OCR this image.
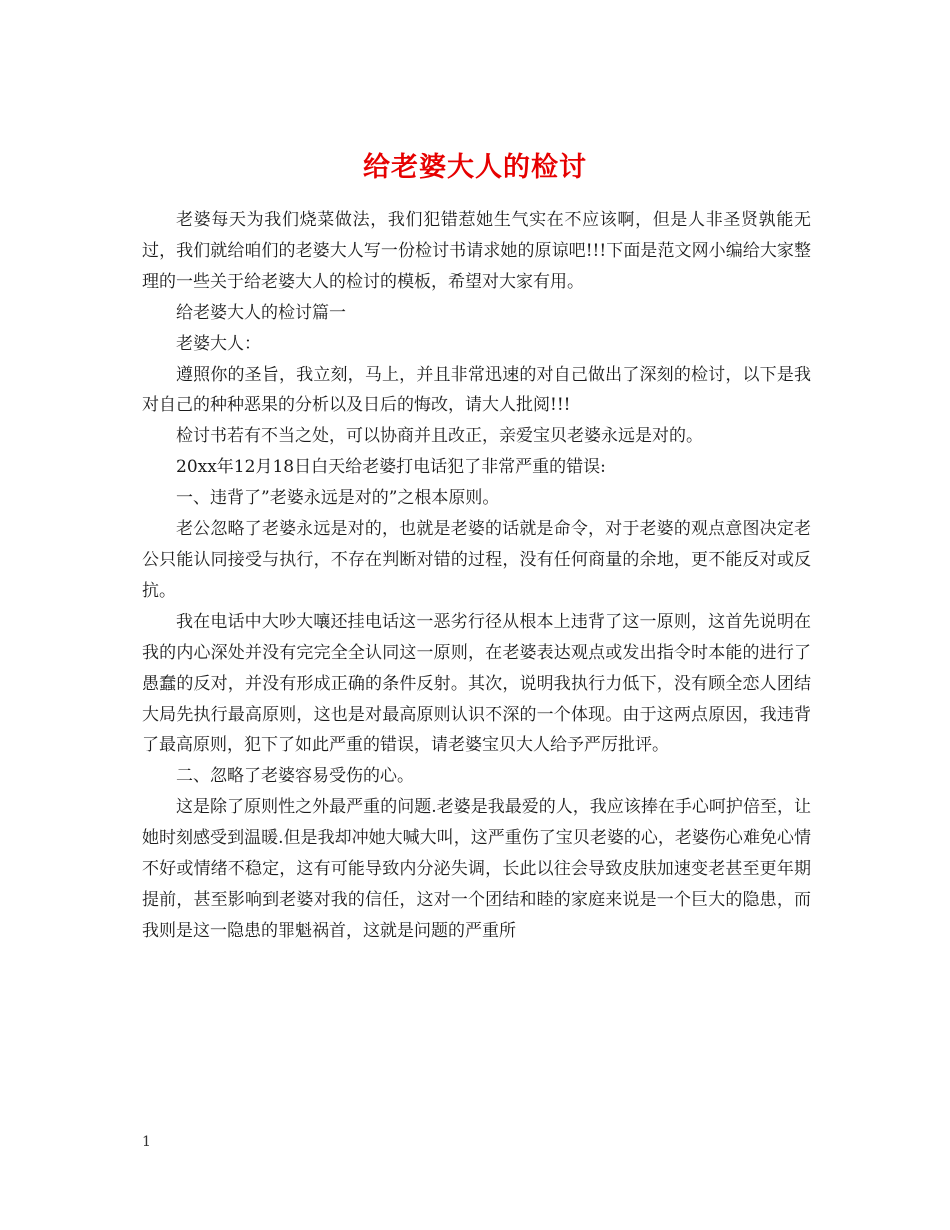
给老婆大人的检讨

老婆每天为我们烧菜做法，我们犯错惹她生气实在不应该啊，但是人非圣贤孰能无过，我们就给咱们的老婆大人写一份检讨书请求她的原谅吧!!!下面是范文网小编给大家整理的一些关于给老婆大人的检讨的模板，希望对大家有用。

给老婆大人的检讨篇一

老婆大人：

遵照你的圣旨，我立刻，马上，并且非常迅速的对自己做出了深刻的检讨，以下是我对自己的种种恶果的分析以及日后的悔改，请大人批阅!!!

检讨书若有不当之处，可以协商并且改正，亲爱宝贝老婆永远是对的。

20xx年12月18日白天给老婆打电话犯了非常严重的错误:

一、违背了”老婆永远是对的”之根本原则。

老公忽略了老婆永远是对的，也就是老婆的话就是命令，对于老婆的观点意图决定老公只能认同接受与执行，不存在判断对错的过程，没有任何商量的余地，更不能反对或反抗。

我在电话中大吵大嚷还挂电话这一恶劣行径从根本上违背了这一原则，这首先说明在我的内心深处并没有完完全全认同这一原则，在老婆表达观点或发出指令时本能的进行了愚蠢的反对，并没有形成正确的条件反射。其次，说明我执行力低下，没有顾全恋人团结大局先执行最高原则，这也是对最高原则认识不深的一个体现。由于这两点原因，我违背了最高原则，犯下了如此严重的错误，请老婆宝贝大人给予严厉批评。

二、忽略了老婆容易受伤的心。

这是除了原则性之外最严重的问题.老婆是我最爱的人，我应该捧在手心呵护倍至，让她时刻感受到温暖.但是我却冲她大喊大叫，这严重伤了宝贝老婆的心，老婆伤心难免心情不好或情绪不稳定，这有可能导致内分泌失调，长此以往会导致皮肤加速变老甚至更年期提前，甚至影响到老婆对我的信任，这对一个团结和睦的家庭来说是一个巨大的隐患，而我则是这一隐患的罪魁祸首，这就是问题的严重所

1
